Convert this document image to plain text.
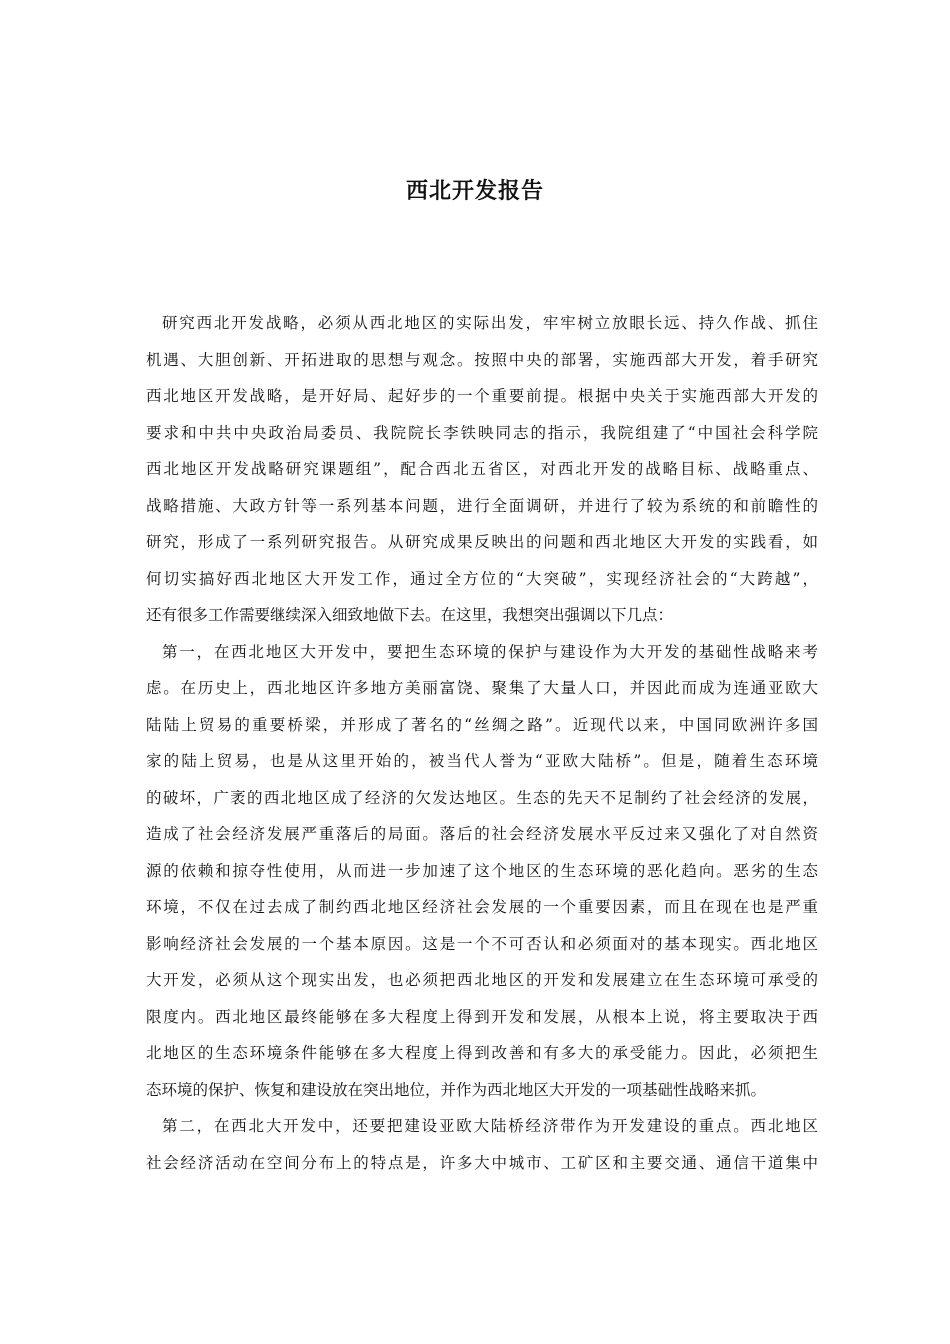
西北开发报告
研究西北开发战略，必须从西北地区的实际出发，牢牢树立放眼长远、持久作战、抓住
机遇、大胆创新、开拓进取的思想与观念。按照中央的部署，实施西部大开发，着手研究
西北地区开发战略，是开好局、起好步的一个重要前提。根据中央关于实施西部大开发的
要求和中共中央政治局委员、我院院长李铁映同志的指示，我院组建了“中国社会科学院
西北地区开发战略研究课题组”，配合西北五省区，对西北开发的战略目标、战略重点、
战略措施、大政方针等一系列基本问题，进行全面调研，并进行了较为系统的和前瞻性的
研究，形成了一系列研究报告。从研究成果反映出的问题和西北地区大开发的实践看，如
何切实搞好西北地区大开发工作，通过全方位的“大突破”，实现经济社会的“大跨越”，
还有很多工作需要继续深入细致地做下去。在这里，我想突出强调以下几点：
第一，在西北地区大开发中，要把生态环境的保护与建设作为大开发的基础性战略来考
虑。在历史上，西北地区许多地方美丽富饶、聚集了大量人口，并因此而成为连通亚欧大
陆陆上贸易的重要桥梁，并形成了著名的“丝绸之路”。近现代以来，中国同欧洲许多国
家的陆上贸易，也是从这里开始的，被当代人誉为“亚欧大陆桥”。但是，随着生态环境
的破坏，广袤的西北地区成了经济的欠发达地区。生态的先天不足制约了社会经济的发展，
造成了社会经济发展严重落后的局面。落后的社会经济发展水平反过来又强化了对自然资
源的依赖和掠夺性使用，从而进一步加速了这个地区的生态环境的恶化趋向。恶劣的生态
环境，不仅在过去成了制约西北地区经济社会发展的一个重要因素，而且在现在也是严重
影响经济社会发展的一个基本原因。这是一个不可否认和必须面对的基本现实。西北地区
大开发，必须从这个现实出发，也必须把西北地区的开发和发展建立在生态环境可承受的
限度内。西北地区最终能够在多大程度上得到开发和发展，从根本上说，将主要取决于西
北地区的生态环境条件能够在多大程度上得到改善和有多大的承受能力。因此，必须把生
态环境的保护、恢复和建设放在突出地位，并作为西北地区大开发的一项基础性战略来抓。
第二，在西北大开发中，还要把建设亚欧大陆桥经济带作为开发建设的重点。西北地区
社会经济活动在空间分布上的特点是，许多大中城市、工矿区和主要交通、通信干道集中
